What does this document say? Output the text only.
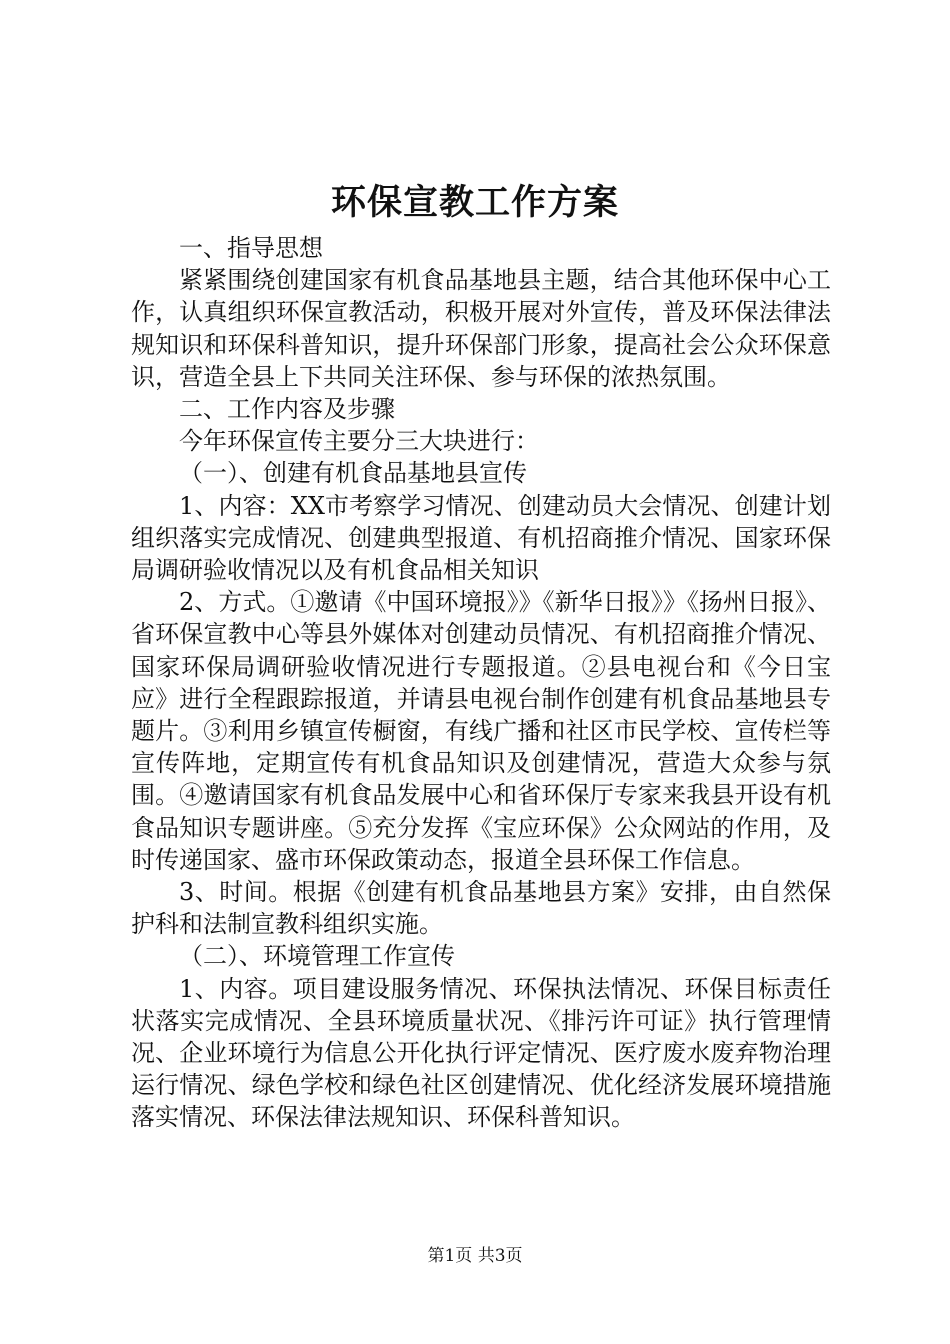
环保宣教工作方案

一、指导思想

紧紧围绕创建国家有机食品基地县主题，结合其他环保中心工作，认真组织环保宣教活动，积极开展对外宣传，普及环保法律法规知识和环保科普知识，提升环保部门形象，提高社会公众环保意识，营造全县上下共同关注环保、参与环保的浓热氛围。

二、工作内容及步骤

今年环保宣传主要分三大块进行：

（一）、创建有机食品基地县宣传

1、内容：XX市考察学习情况、创建动员大会情况、创建计划组织落实完成情况、创建典型报道、有机招商推介情况、国家环保局调研验收情况以及有机食品相关知识

2、方式。①邀请《中国环境报》》《新华日报》》《扬州日报》、省环保宣教中心等县外媒体对创建动员情况、有机招商推介情况、国家环保局调研验收情况进行专题报道。②县电视台和《今日宝应》进行全程跟踪报道，并请县电视台制作创建有机食品基地县专题片。③利用乡镇宣传橱窗，有线广播和社区市民学校、宣传栏等宣传阵地，定期宣传有机食品知识及创建情况，营造大众参与氛围。④邀请国家有机食品发展中心和省环保厅专家来我县开设有机食品知识专题讲座。⑤充分发挥《宝应环保》公众网站的作用，及时传递国家、盛市环保政策动态，报道全县环保工作信息。

3、时间。根据《创建有机食品基地县方案》安排，由自然保护科和法制宣教科组织实施。

（二）、环境管理工作宣传

1、内容。项目建设服务情况、环保执法情况、环保目标责任状落实完成情况、全县环境质量状况、《排污许可证》执行管理情况、企业环境行为信息公开化执行评定情况、医疗废水废弃物治理运行情况、绿色学校和绿色社区创建情况、优化经济发展环境措施落实情况、环保法律法规知识、环保科普知识。

第1页 共3页
